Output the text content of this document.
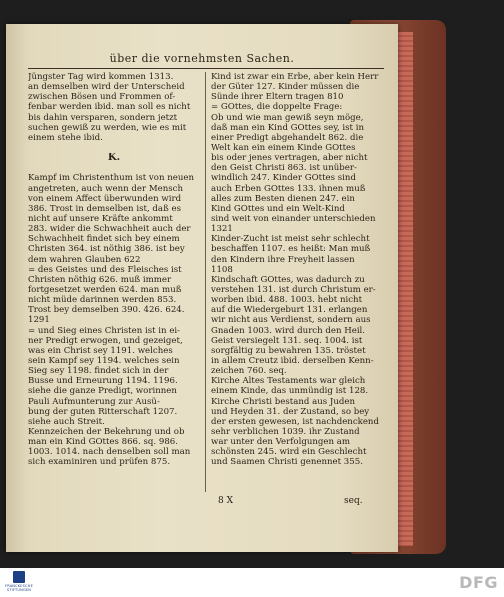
über die vornehmsten Sachen.
Jüngster Tag wird kommen 1313.
an demselben wird der Unterscheid
zwischen Bösen und Frommen of-
fenbar werden ibid. man soll es nicht
bis dahin versparen, sondern jetzt
suchen gewiß zu werden, wie es mit
einem stehe ibid.

K.

Kampf im Christenthum ist von neuen
angetreten, auch wenn der Mensch
von einem Affect überwunden wird
386. Trost in demselben ist, daß es
nicht auf unsere Kräfte ankommt
283. wider die Schwachheit auch der
Schwachheit findet sich bey einem
Christen 364. ist nöthig 386. ist bey
dem wahren Glauben 622
= des Geistes und des Fleisches ist
Christen nöthig 626. muß immer
fortgesetzet werden 624. man muß
nicht müde darinnen werden 853.
Trost bey demselben 390. 426. 624.
1291
= und Sieg eines Christen ist in ei-
ner Predigt erwogen, und gezeiget,
was ein Christ sey 1191. welches
sein Kampf sey 1194. welches sein
Sieg sey 1198. findet sich in der
Busse und Erneurung 1194. 1196.
siehe die ganze Predigt, worinnen
Pauli Aufmunterung zur Ausü-
bung der guten Ritterschaft 1207.
siehe auch Streit.
Kennzeichen der Bekehrung und ob
man ein Kind GOttes 866. sq. 986.
1003. 1014. nach denselben soll man
sich examiniren und prüfen 875.
Kind ist zwar ein Erbe, aber kein Herr
der Güter 127. Kinder müssen die
Sünde ihrer Eltern tragen 810
= GOttes, die doppelte Frage:
Ob und wie man gewiß seyn möge,
daß man ein Kind GOttes sey, ist in
einer Predigt abgehandelt 862. die
Welt kan ein einem Kinde GOttes
bis oder jenes vertragen, aber nicht
den Geist Christi 863. ist unüber-
windlich 247. Kinder GOttes sind
auch Erben GOttes 133. ihnen muß
alles zum Besten dienen 247. ein
Kind GOttes und ein Welt-Kind
sind weit von einander unterschieden
1321
Kinder-Zucht ist meist sehr schlecht
beschaffen 1107. es heißt: Man muß
den Kindern ihre Freyheit lassen
1108
Kindschaft GOttes, was dadurch zu
verstehen 131. ist durch Christum er-
worben ibid. 488. 1003. hebt nicht
auf die Wiedergeburt 131. erlangen
wir nicht aus Verdienst, sondern aus
Gnaden 1003. wird durch den Heil.
Geist versiegelt 131. seq. 1004. ist
sorgfältig zu bewahren 135. tröstet
in allem Creutz ibid. derselben Kenn-
zeichen 760. seq.
Kirche Altes Testaments war gleich
einem Kinde, das unmündig ist 128.
Kirche Christi bestand aus Juden
und Heyden 31. der Zustand, so bey
der ersten gewesen, ist nachdenckend
sehr verblichen 1039. ihr Zustand
war unter den Verfolgungen am
schönsten 245. wird ein Geschlecht
und Saamen Christi genennet 355.
8 X	seq.
FRANCKESCHE STIFTUNGEN	DFG
